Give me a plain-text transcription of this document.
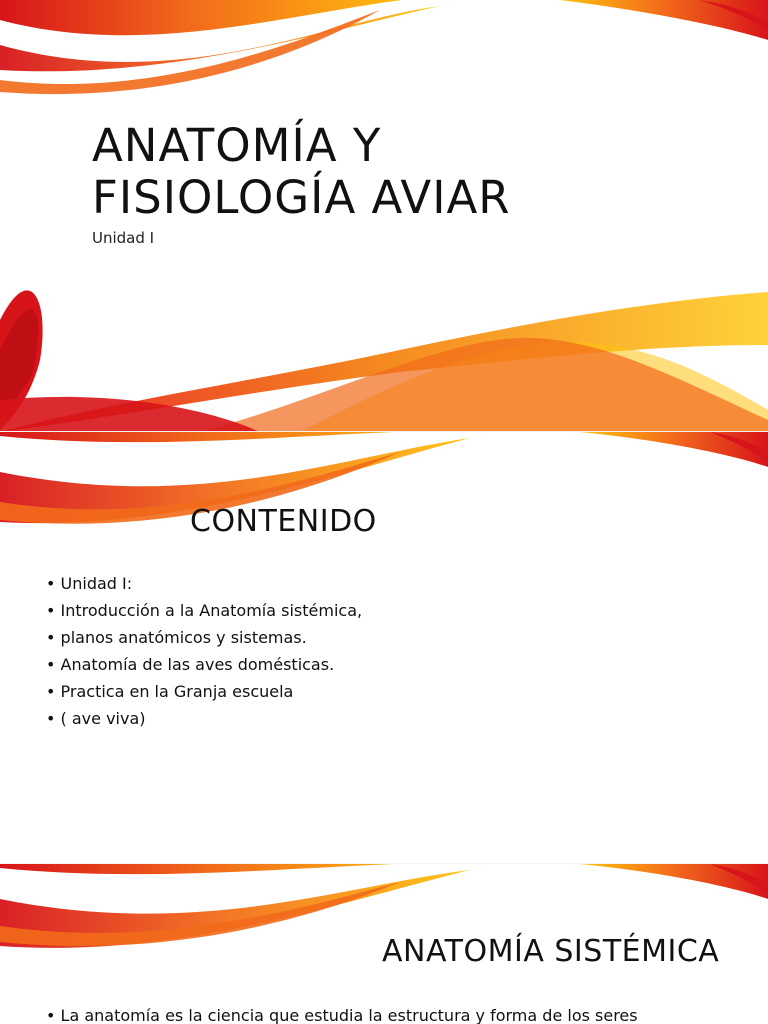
ANATOMÍA Y
FISIOLOGÍA AVIAR
Unidad I
CONTENIDO
• Unidad I:
• Introducción a la Anatomía sistémica,
• planos anatómicos y sistemas.
• Anatomía de las aves domésticas.
• Practica en la Granja escuela
• ( ave viva)
ANATOMÍA SISTÉMICA
• La anatomía es la ciencia que estudia la estructura y forma de los seres
